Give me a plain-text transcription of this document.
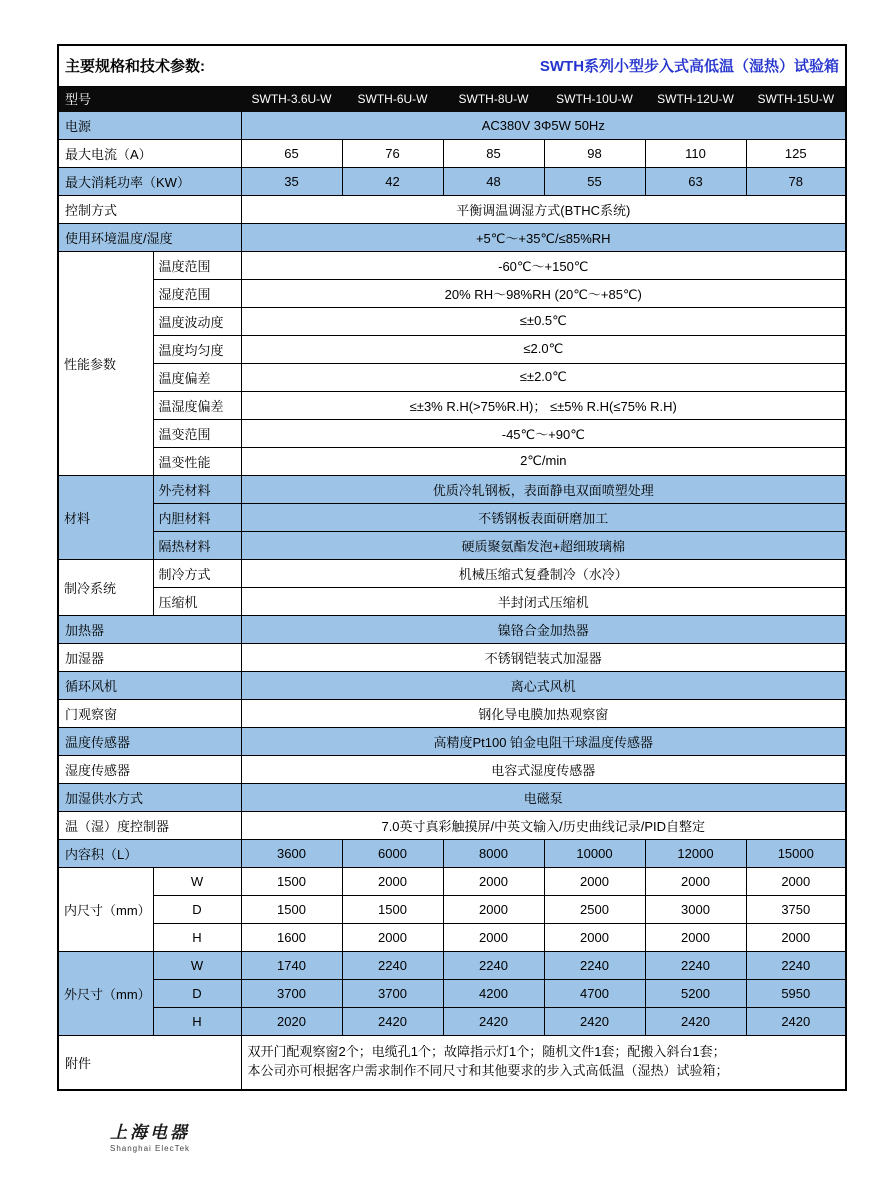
主要规格和技术参数: SWTH系列小型步入式高低温（湿热）试验箱							

型号		SWTH-3.6U-W	SWTH-6U-W	SWTH-8U-W	SWTH-10U-W	SWTH-12U-W	SWTH-15U-W
电源		AC380V 3Φ5W 50Hz					
最大电流（A）		65	76	85	98	110	125
最大消耗功率（KW）		35	42	48	55	63	78
控制方式		平衡调温调湿方式(BTHC系统)					
使用环境温度/湿度		+5℃～+35℃/≤85%RH					
性能参数	温度范围	-60℃～+150℃					
	湿度范围	20% RH～98%RH (20℃～+85℃)					
	温度波动度	≤±0.5℃					
	温度均匀度	≤2.0℃					
	温度偏差	≤±2.0℃					
	温湿度偏差	≤±3% R.H(>75%R.H)； ≤±5% R.H(≤75% R.H)					
	温变范围	-45℃～+90℃					
	温变性能	2℃/min					
材料	外壳材料	优质冷轧钢板，表面静电双面喷塑处理					
	内胆材料	不锈钢板表面研磨加工					
	隔热材料	硬质聚氨酯发泡+超细玻璃棉					
制冷系统	制冷方式	机械压缩式复叠制冷（水冷）					
	压缩机	半封闭式压缩机					
加热器		镍铬合金加热器					
加湿器		不锈钢铠装式加湿器					
循环风机		离心式风机					
门观察窗		钢化导电膜加热观察窗					
温度传感器		高精度Pt100 铂金电阻干球温度传感器					
湿度传感器		电容式湿度传感器					
加湿供水方式		电磁泵					
温（湿）度控制器		7.0英寸真彩触摸屏/中英文输入/历史曲线记录/PID自整定					
内容积（L）		3600	6000	8000	10000	12000	15000
内尺寸（mm）	W	1500	2000	2000	2000	2000	2000
	D	1500	1500	2000	2500	3000	3750
	H	1600	2000	2000	2000	2000	2000
外尺寸（mm）	W	1740	2240	2240	2240	2240	2240
	D	3700	3700	4200	4700	5200	5950
	H	2020	2420	2420	2420	2420	2420
附件		双开门配观察窗2个；电缆孔1个；故障指示灯1个；随机文件1套；配搬入斜台1套；
本公司亦可根据客户需求制作不同尺寸和其他要求的步入式高低温（湿热）试验箱；					
上海电器
Shanghai ElecTek
